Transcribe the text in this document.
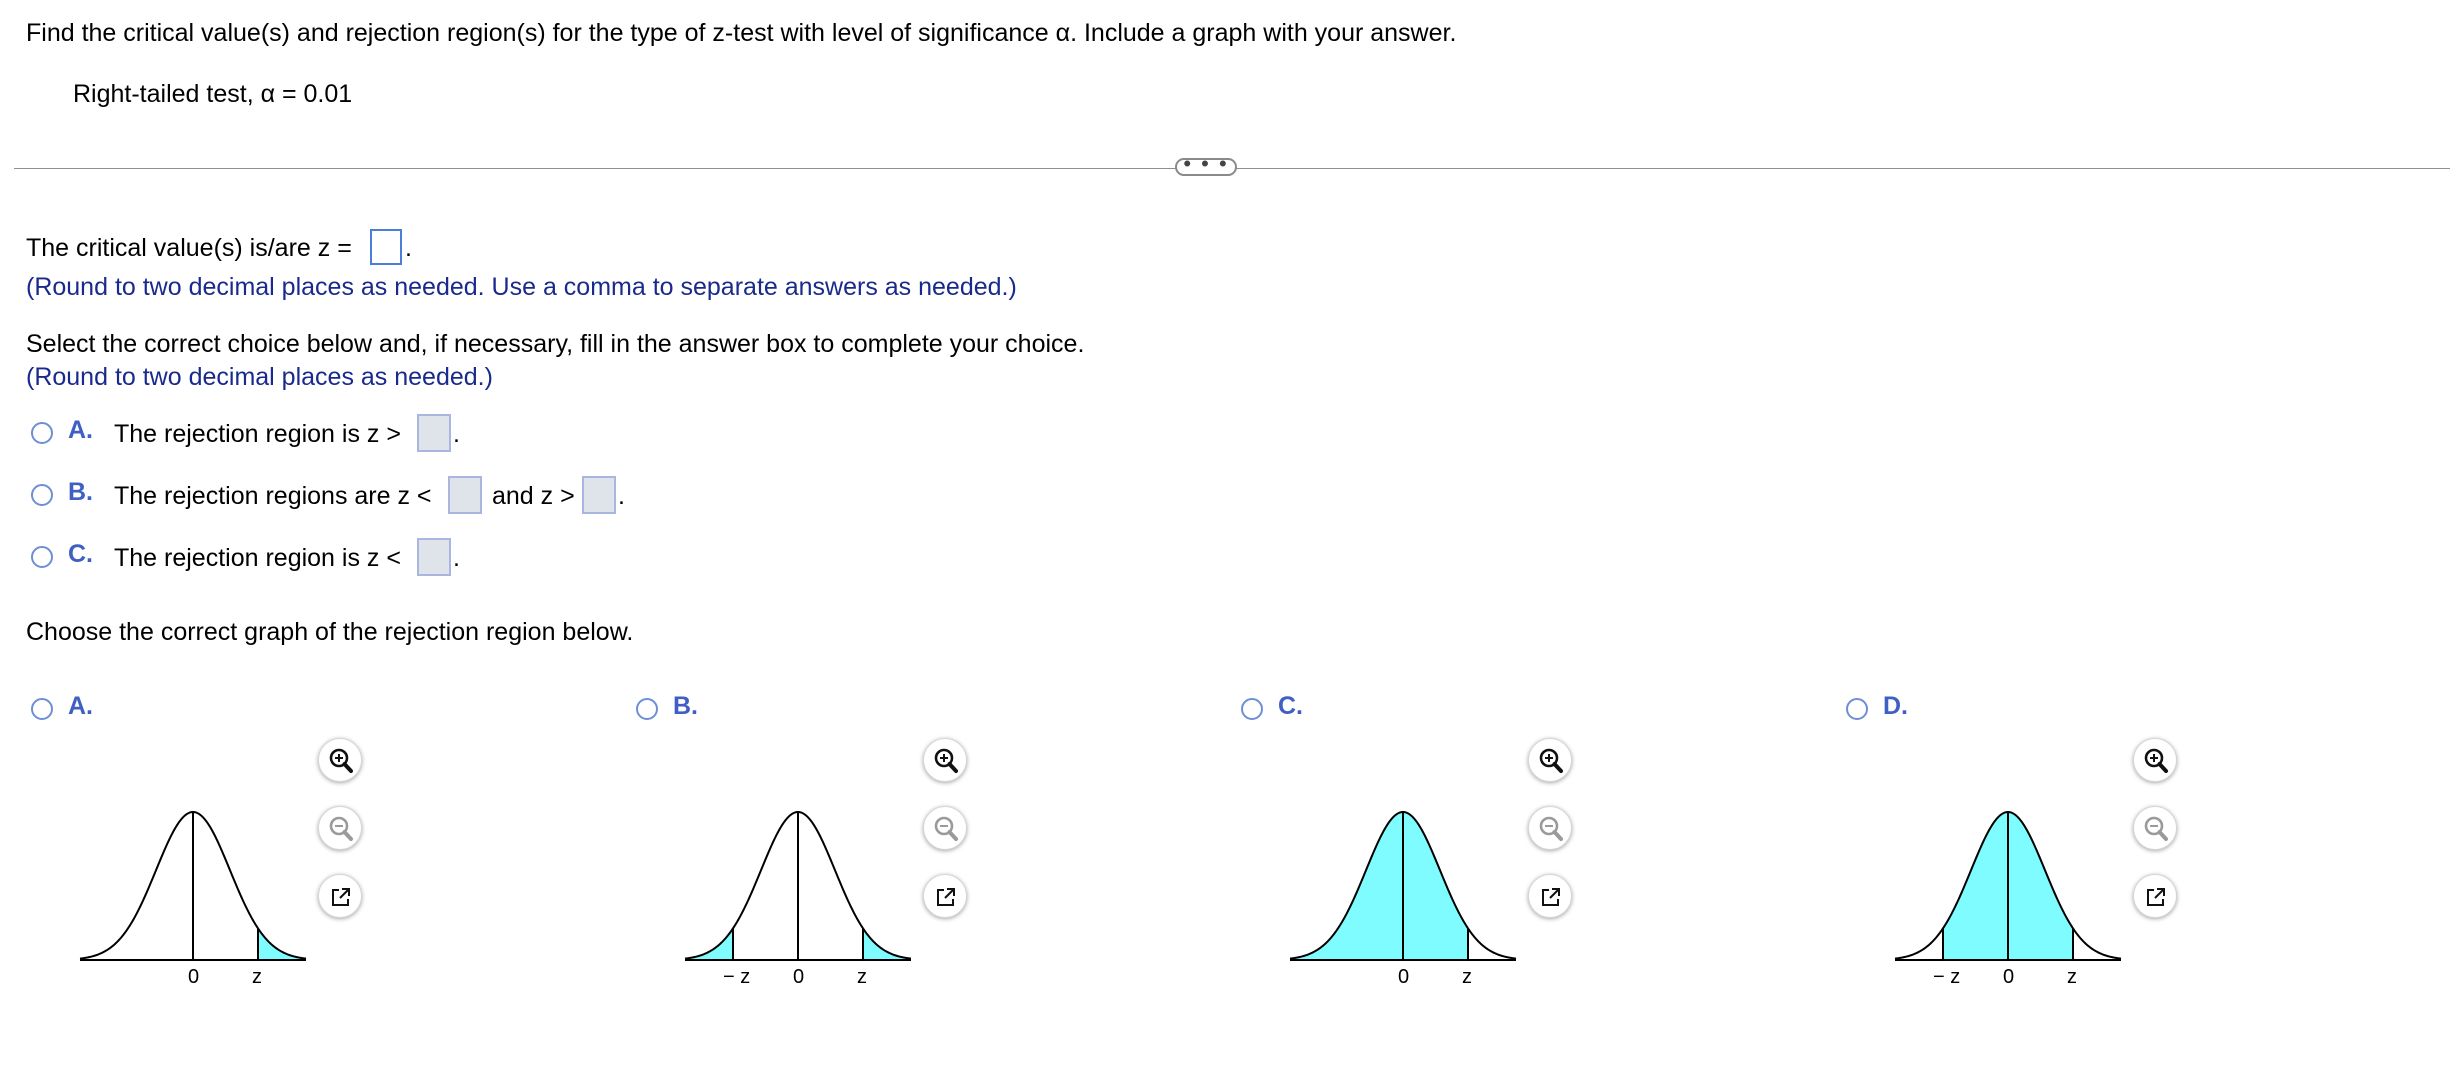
Find the critical value(s) and rejection region(s) for the type of z-test with level of significance α. Include a graph with your answer.
Right-tailed test, α = 0.01
• • •
The critical value(s) is/are z = .
(Round to two decimal places as needed. Use a comma to separate answers as needed.)
Select the correct choice below and, if necessary, fill in the answer box to complete your choice.
(Round to two decimal places as needed.)
A. The rejection region is z > .
B. The rejection regions are z < and z > .
C. The rejection region is z < .
Choose the correct graph of the rejection region below.
A.
0	z
B.
− z 0	z
C.
0	z
D.
− z 0	z
